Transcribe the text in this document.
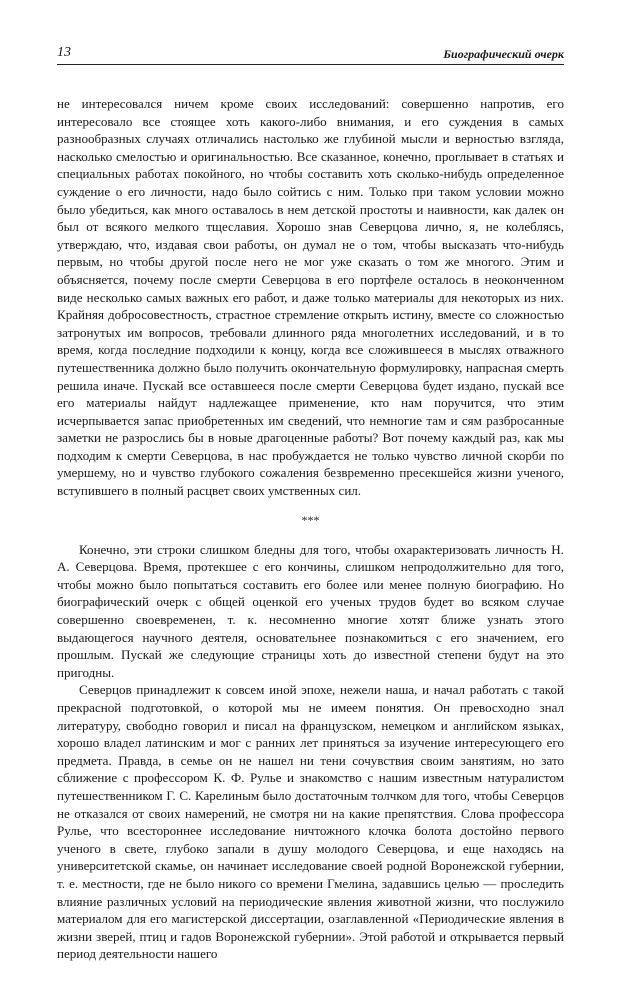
13	Биографический очерк

не интересовался ничем кроме своих исследований: совершенно напротив, его интересовало все стоящее хоть какого-либо внимания, и его суждения в самых разнообразных случаях отличались настолько же глубиной мысли и верностью взгляда, насколько смелостью и оригинальностью. Все сказанное, конечно, проглывает в статьях и специальных работах покойного, но чтобы составить хоть сколько-нибудь определенное суждение о его личности, надо было сойтись с ним. Только при таком условии можно было убедиться, как много оставалось в нем детской простоты и наивности, как далек он был от всякого мелкого тщеславия. Хорошо знав Северцова лично, я, не колеблясь, утверждаю, что, издавая свои работы, он думал не о том, чтобы высказать что-нибудь первым, но чтобы другой после него не мог уже сказать о том же многого. Этим и объясняется, почему после смерти Северцова в его портфеле осталось в неоконченном виде несколько самых важных его работ, и даже только материалы для некоторых из них. Крайняя добросовестность, страстное стремление открыть истину, вместе со сложностью затронутых им вопросов, требовали длинного ряда многолетних исследований, и в то время, когда последние подходили к концу, когда все сложившееся в мыслях отважного путешественника должно было получить окончательную формулировку, напрасная смерть решила иначе. Пускай все оставшееся после смерти Северцова будет издано, пускай все его материалы найдут надлежащее применение, кто нам поручится, что этим исчерпывается запас приобретенных им сведений, что немногие там и сям разбросанные заметки не разрослись бы в новые драгоценные работы? Вот почему каждый раз, как мы подходим к смерти Северцова, в нас пробуждается не только чувство личной скорби по умершему, но и чувство глубокого сожаления безвременно пресекшейся жизни ученого, вступившего в полный расцвет своих умственных сил.

***

Конечно, эти строки слишком бледны для того, чтобы охарактеризовать личность Н. А. Северцова. Время, протекшее с его кончины, слишком непродолжительно для того, чтобы можно было попытаться составить его более или менее полную биографию. Но биографический очерк с общей оценкой его ученых трудов будет во всяком случае совершенно своевременен, т. к. несомненно многие хотят ближе узнать этого выдающегося научного деятеля, основательнее познакомиться с его значением, его прошлым. Пускай же следующие страницы хоть до известной степени будут на это пригодны.

Северцов принадлежит к совсем иной эпохе, нежели наша, и начал работать с такой прекрасной подготовкой, о которой мы не имеем понятия. Он превосходно знал литературу, свободно говорил и писал на французском, немецком и английском языках, хорошо владел латинским и мог с ранних лет приняться за изучение интересующего его предмета. Правда, в семье он не нашел ни тени сочувствия своим занятиям, но зато сближение с профессором К. Ф. Рулье и знакомство с нашим известным натуралистом путешественником Г. С. Карелиным было достаточным толчком для того, чтобы Северцов не отказался от своих намерений, не смотря ни на какие препятствия. Слова профессора Рулье, что всестороннее исследование ничтожного клочка болота достойно первого ученого в свете, глубоко запали в душу молодого Северцова, и еще находясь на университетской скамье, он начинает исследование своей родной Воронежской губернии, т. е. местности, где не было никого со времени Гмелина, задавшись целью — проследить влияние различных условий на периодические явления животной жизни, что послужило материалом для его магистерской диссертации, озаглавленной «Периодические явления в жизни зверей, птиц и гадов Воронежской губернии». Этой работой и открывается первый период деятельности нашего
